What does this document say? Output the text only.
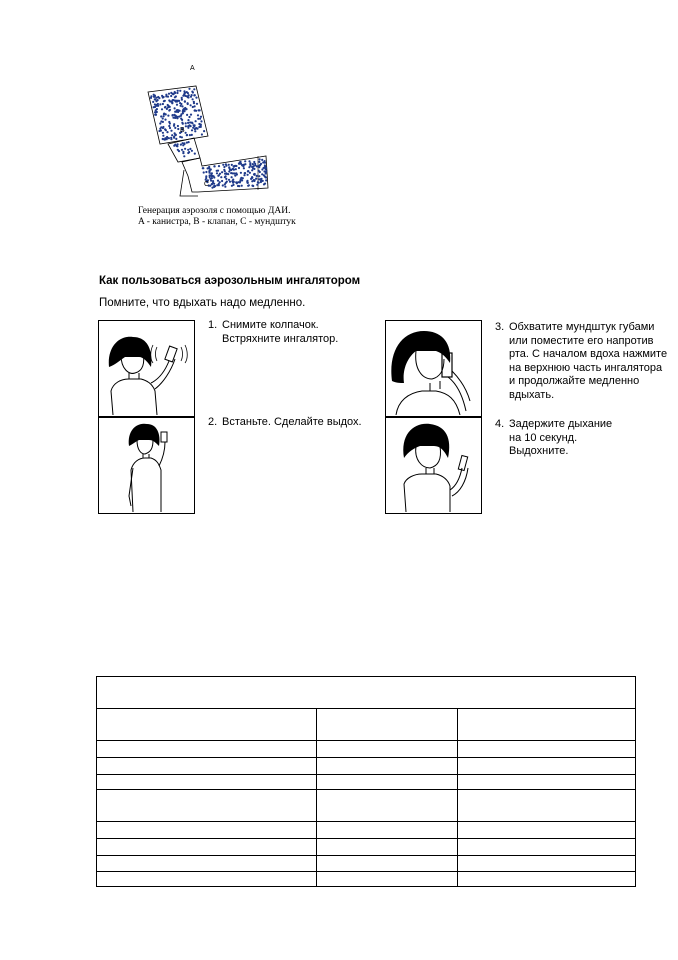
A
B
C
Генерация аэрозоля с помощью ДАИ.
A - канистра, B - клапан, C - мундштук
Как пользоваться аэрозольным ингалятором
Помните, что вдыхать надо медленно.
1. Снимите колпачок.
Встряхните ингалятор.
2. Встаньте. Сделайте выдох.
3. Обхватите мундштук губами
или поместите его напротив
рта. С началом вдоха нажмите
на верхнюю часть ингалятора
и продолжайте медленно
вдыхать.
4. Задержите дыхание
на 10 секунд.
Выдохните.
